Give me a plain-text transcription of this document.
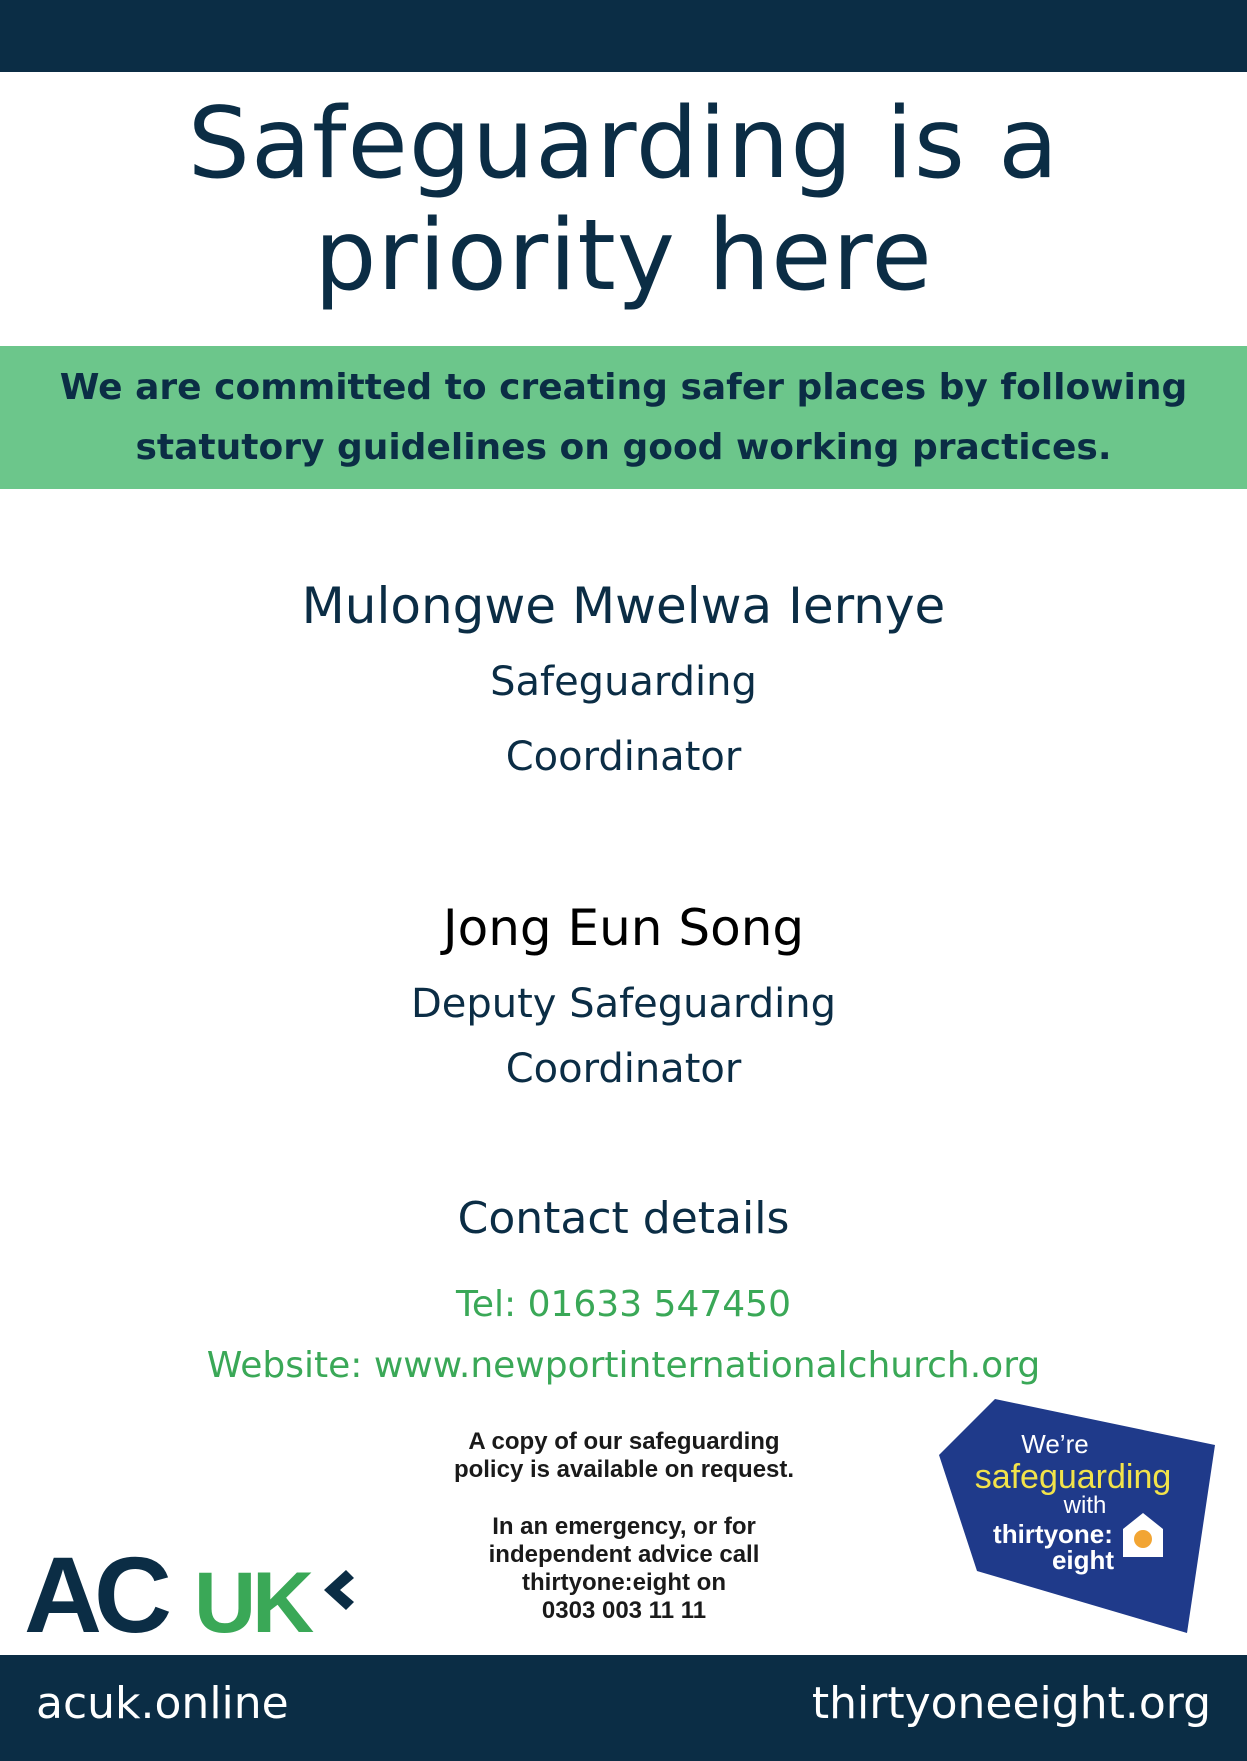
Safeguarding is a
priority here
We are committed to creating safer places by following
statutory guidelines on good working practices.

Mulongwe Mwelwa Iernye

Safeguarding

Coordinator

Jong Eun Song

Deputy Safeguarding

Coordinator

Contact details

Tel: 01633 547450

Website: www.newportinternationalchurch.org

A copy of our safeguarding
policy is available on request.
In an emergency, or for
independent advice call
thirtyone:eight on
0303 003 11 11
AC UK
We’re
safeguarding
with
thirtyone:
eight
acuk.online	thirtyoneeight.org
